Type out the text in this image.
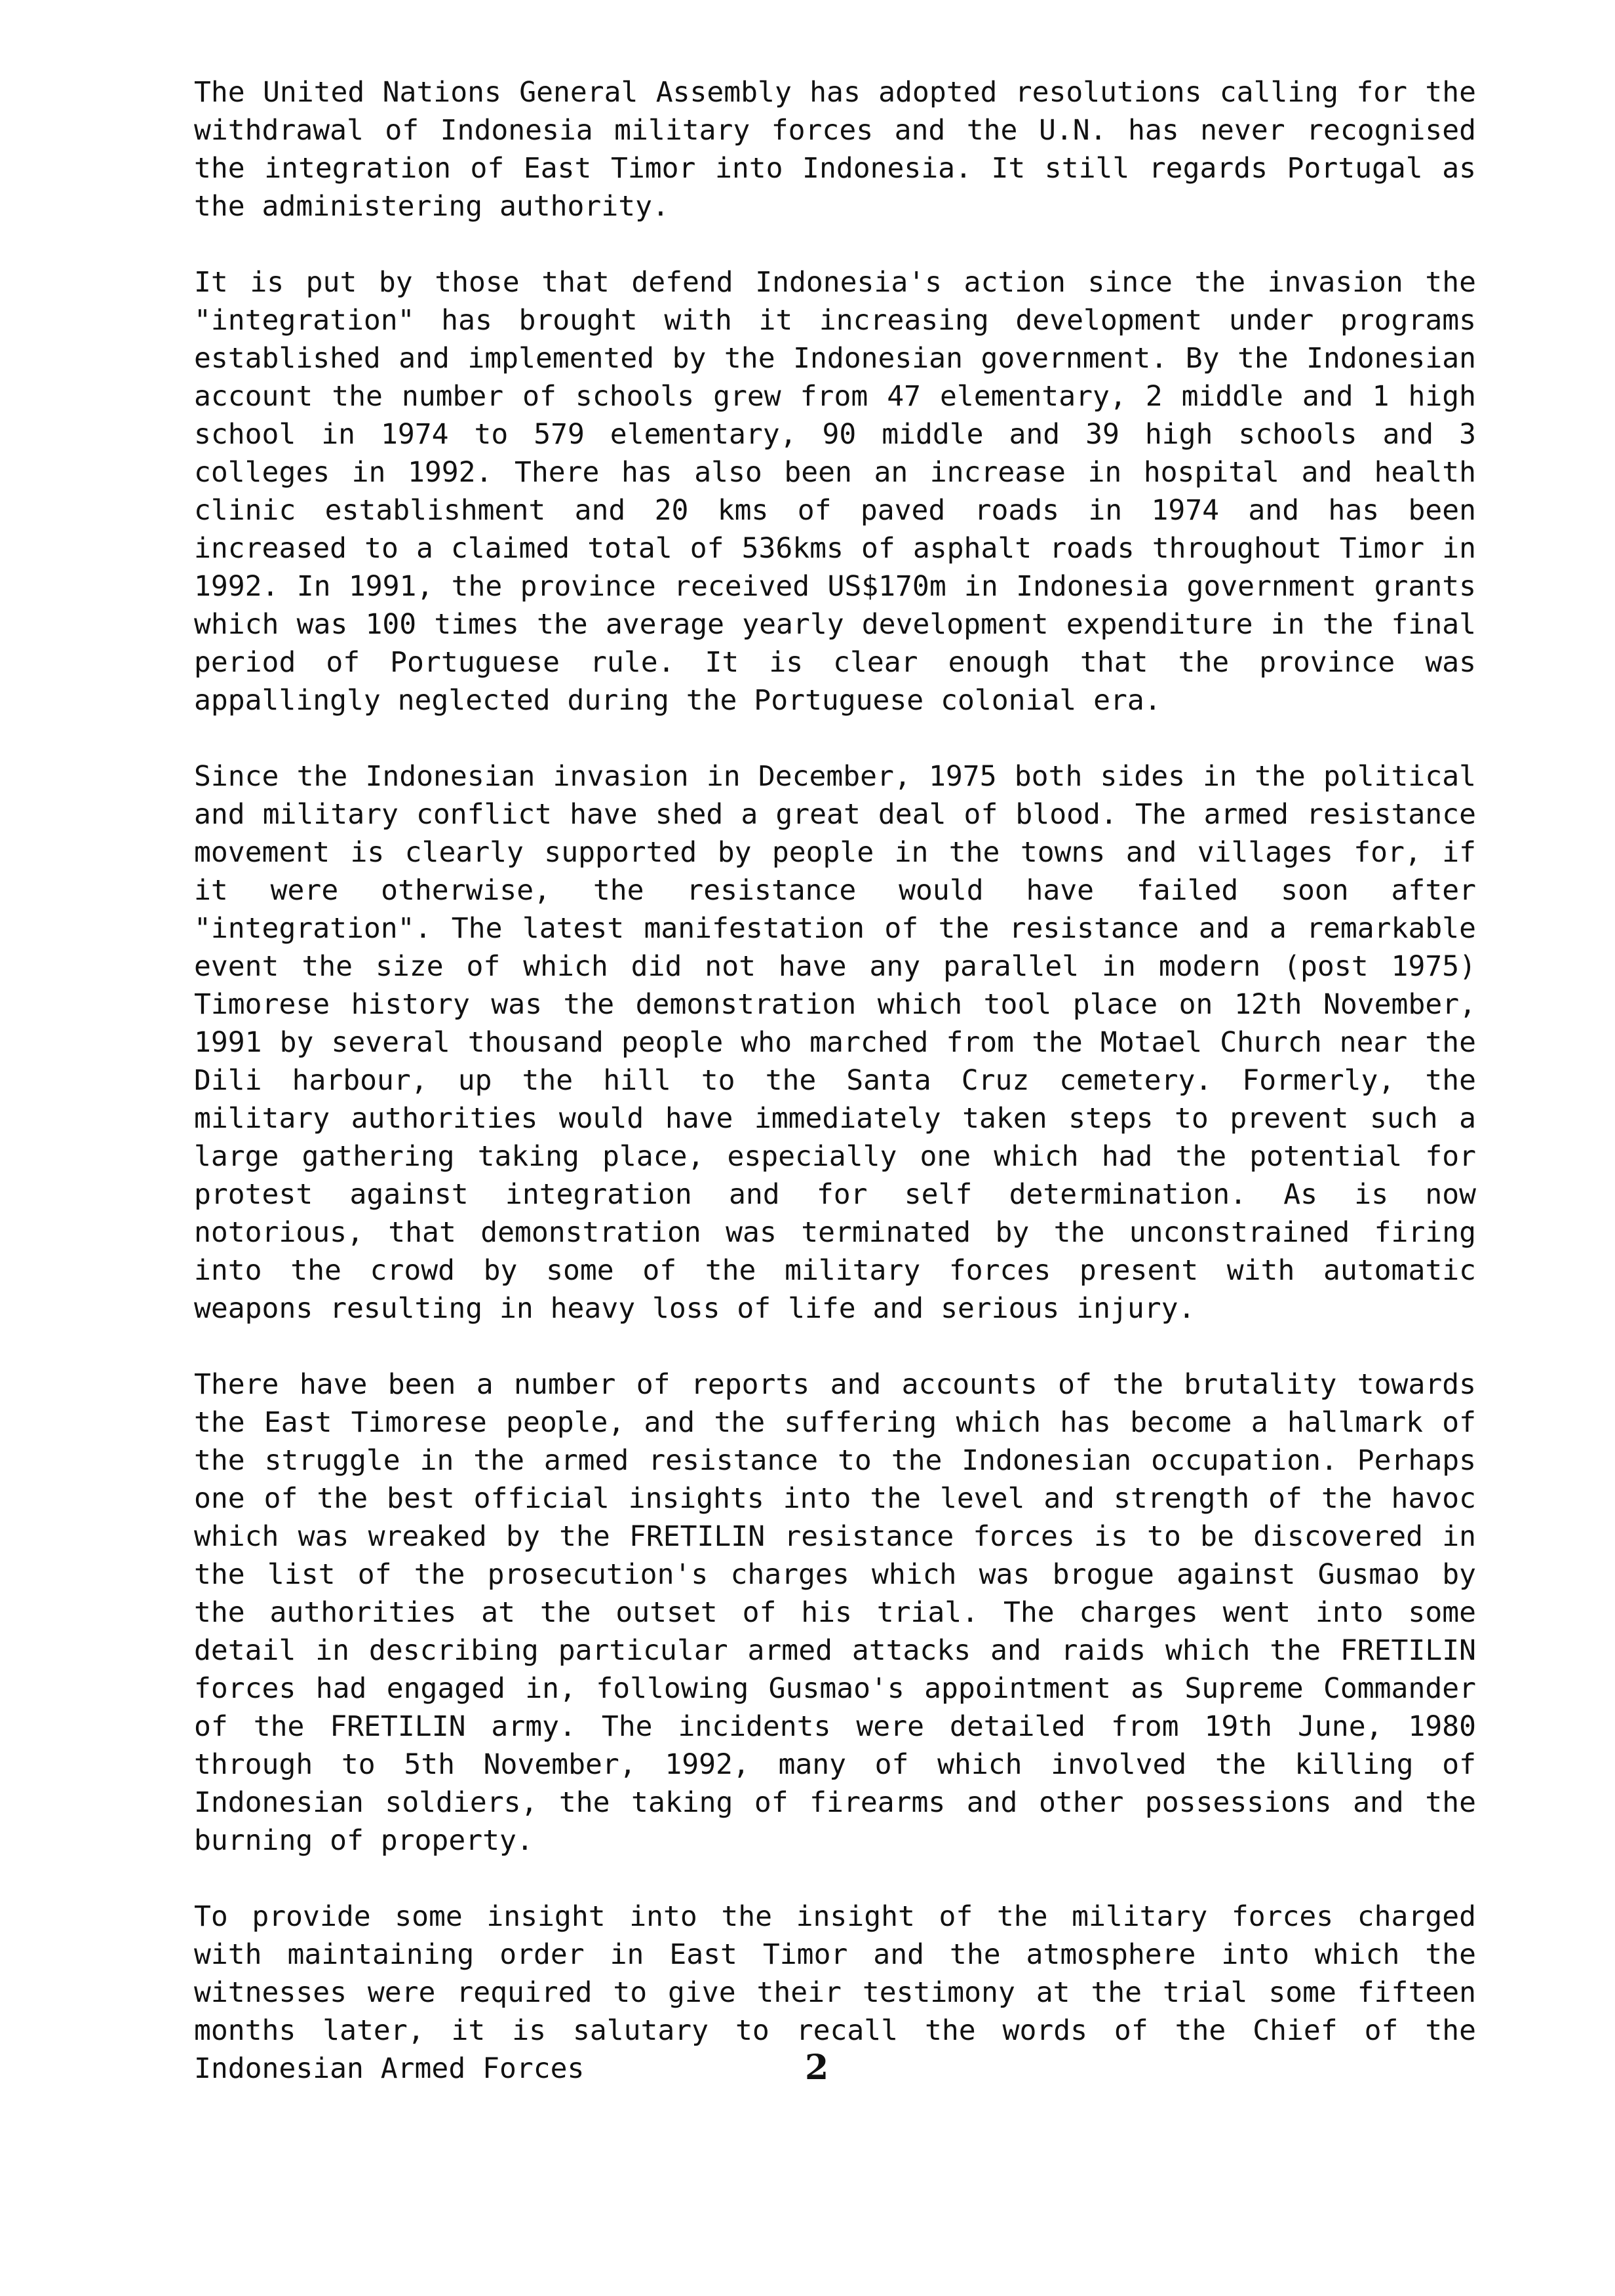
The United Nations General Assembly has adopted resolutions calling for the withdrawal of Indonesia military forces and the U.N. has never recognised the integration of East Timor into Indonesia. It still regards Portugal as the administering authority.

It is put by those that defend Indonesia's action since the invasion the "integration" has brought with it increasing development under programs established and implemented by the Indonesian government. By the Indonesian account the number of schools grew from 47 elementary, 2 middle and 1 high school in 1974 to 579 elementary, 90 middle and 39 high schools and 3 colleges in 1992. There has also been an increase in hospital and health clinic establishment and 20 kms of paved roads in 1974 and has been increased to a claimed total of 536kms of asphalt roads throughout Timor in 1992. In 1991, the province received US$170m in Indonesia government grants which was 100 times the average yearly development expenditure in the final period of Portuguese rule. It is clear enough that the province was appallingly neglected during the Portuguese colonial era.

Since the Indonesian invasion in December, 1975 both sides in the political and military conflict have shed a great deal of blood. The armed resistance movement is clearly supported by people in the towns and villages for, if it were otherwise, the resistance would have failed soon after "integration". The latest manifestation of the resistance and a remarkable event the size of which did not have any parallel in modern (post 1975) Timorese history was the demonstration which tool place on 12th November, 1991 by several thousand people who marched from the Motael Church near the Dili harbour, up the hill to the Santa Cruz cemetery. Formerly, the military authorities would have immediately taken steps to prevent such a large gathering taking place, especially one which had the potential for protest against integration and for self determination. As is now notorious, that demonstration was terminated by the unconstrained firing into the crowd by some of the military forces present with automatic weapons resulting in heavy loss of life and serious injury.

There have been a number of reports and accounts of the brutality towards the East Timorese people, and the suffering which has become a hallmark of the struggle in the armed resistance to the Indonesian occupation. Perhaps one of the best official insights into the level and strength of the havoc which was wreaked by the FRETILIN resistance forces is to be discovered in the list of the prosecution's charges which was brogue against Gusmao by the authorities at the outset of his trial. The charges went into some detail in describing particular armed attacks and raids which the FRETILIN forces had engaged in, following Gusmao's appointment as Supreme Commander of the FRETILIN army. The incidents were detailed from 19th June, 1980 through to 5th November, 1992, many of which involved the killing of Indonesian soldiers, the taking of firearms and other possessions and the burning of property.

To provide some insight into the insight of the military forces charged with maintaining order in East Timor and the atmosphere into which the witnesses were required to give their testimony at the trial some fifteen months later, it is salutary to recall the words of the Chief of the Indonesian Armed Forces	2
